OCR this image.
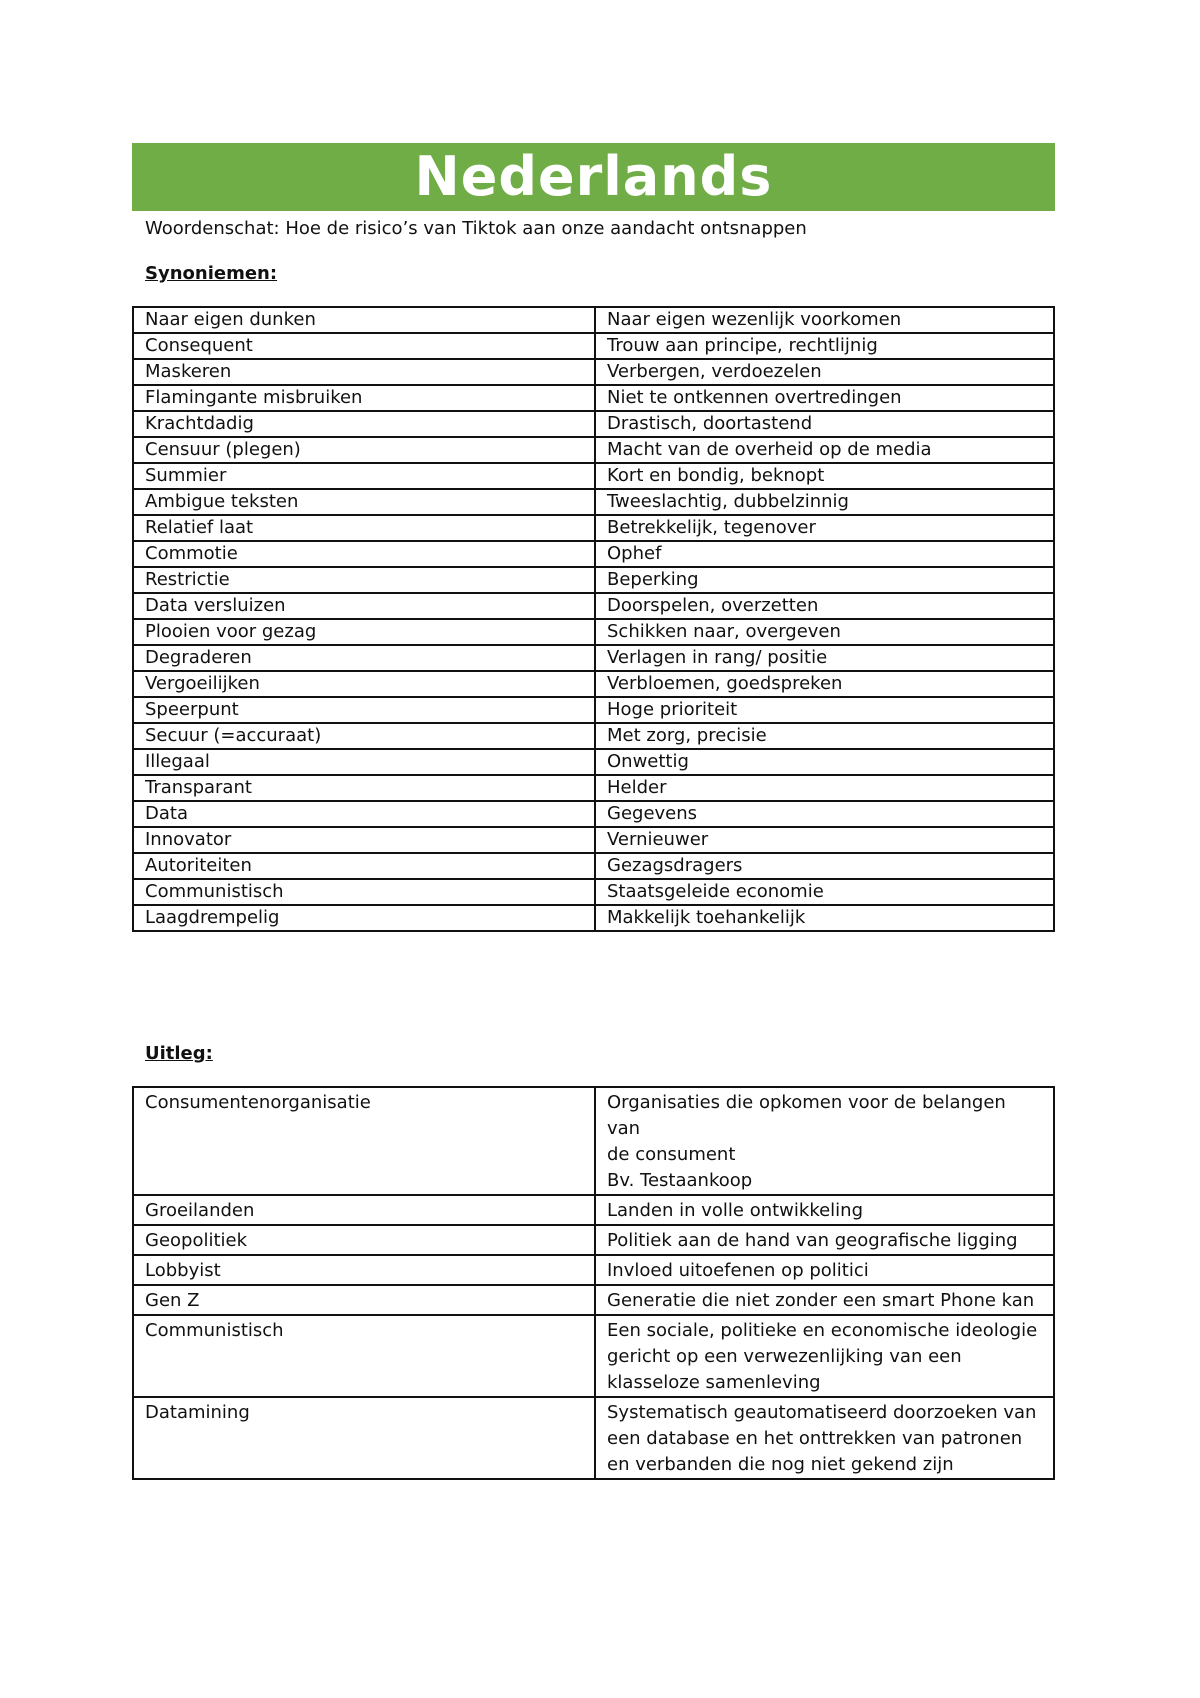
Nederlands
Woordenschat: Hoe de risico’s van Tiktok aan onze aandacht ontsnappen
Synoniemen:
Naar eigen dunken	Naar eigen wezenlijk voorkomen
Consequent	Trouw aan principe, rechtlijnig
Maskeren	Verbergen, verdoezelen
Flamingante misbruiken	Niet te ontkennen overtredingen
Krachtdadig	Drastisch, doortastend
Censuur (plegen)	Macht van de overheid op de media
Summier	Kort en bondig, beknopt
Ambigue teksten	Tweeslachtig, dubbelzinnig
Relatief laat	Betrekkelijk, tegenover
Commotie	Ophef
Restrictie	Beperking
Data versluizen	Doorspelen, overzetten
Plooien voor gezag	Schikken naar, overgeven
Degraderen	Verlagen in rang/ positie
Vergoeilijken	Verbloemen, goedspreken
Speerpunt	Hoge prioriteit
Secuur (=accuraat)	Met zorg, precisie
Illegaal	Onwettig
Transparant	Helder
Data	Gegevens
Innovator	Vernieuwer
Autoriteiten	Gezagsdragers
Communistisch	Staatsgeleide economie
Laagdrempelig	Makkelijk toehankelijk
Uitleg:
Consumentenorganisatie	Organisaties die opkomen voor de belangen van
de consument
Bv. Testaankoop
Groeilanden	Landen in volle ontwikkeling
Geopolitiek	Politiek aan de hand van geografische ligging
Lobbyist	Invloed uitoefenen op politici
Gen Z	Generatie die niet zonder een smart Phone kan
Communistisch	Een sociale, politieke en economische ideologie
gericht op een verwezenlijking van een
klasseloze samenleving
Datamining	Systematisch geautomatiseerd doorzoeken van
een database en het onttrekken van patronen
en verbanden die nog niet gekend zijn
